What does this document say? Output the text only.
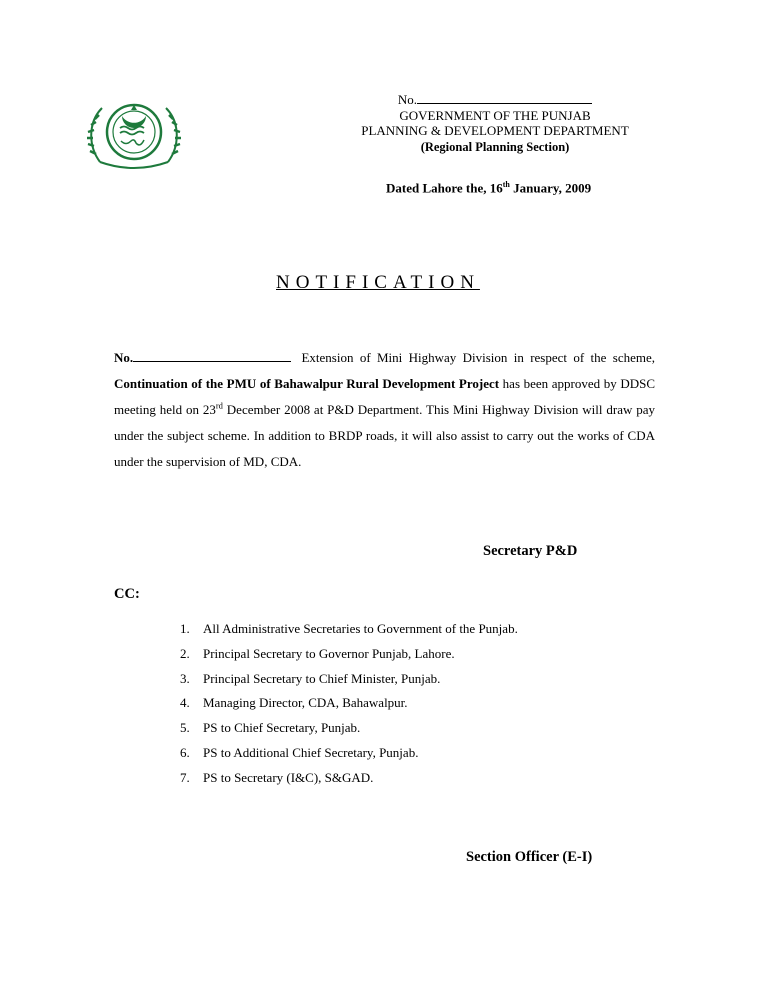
No.
GOVERNMENT OF THE PUNJAB
PLANNING & DEVELOPMENT DEPARTMENT
(Regional Planning Section)
Dated Lahore the, 16th January, 2009
NOTIFICATION
No.	Extension of Mini Highway Division in respect of the scheme, Continuation of the PMU of Bahawalpur Rural Development Project has been approved by DDSC meeting held on 23rd December 2008 at P&D Department. This Mini Highway Division will draw pay under the subject scheme. In addition to BRDP roads, it will also assist to carry out the works of CDA under the supervision of MD, CDA.
Secretary P&D
CC:
1. All Administrative Secretaries to Government of the Punjab.
2. Principal Secretary to Governor Punjab, Lahore.
3. Principal Secretary to Chief Minister, Punjab.
4. Managing Director, CDA, Bahawalpur.
5. PS to Chief Secretary, Punjab.
6. PS to Additional Chief Secretary, Punjab.
7. PS to Secretary (I&C), S&GAD.
Section Officer (E-I)
